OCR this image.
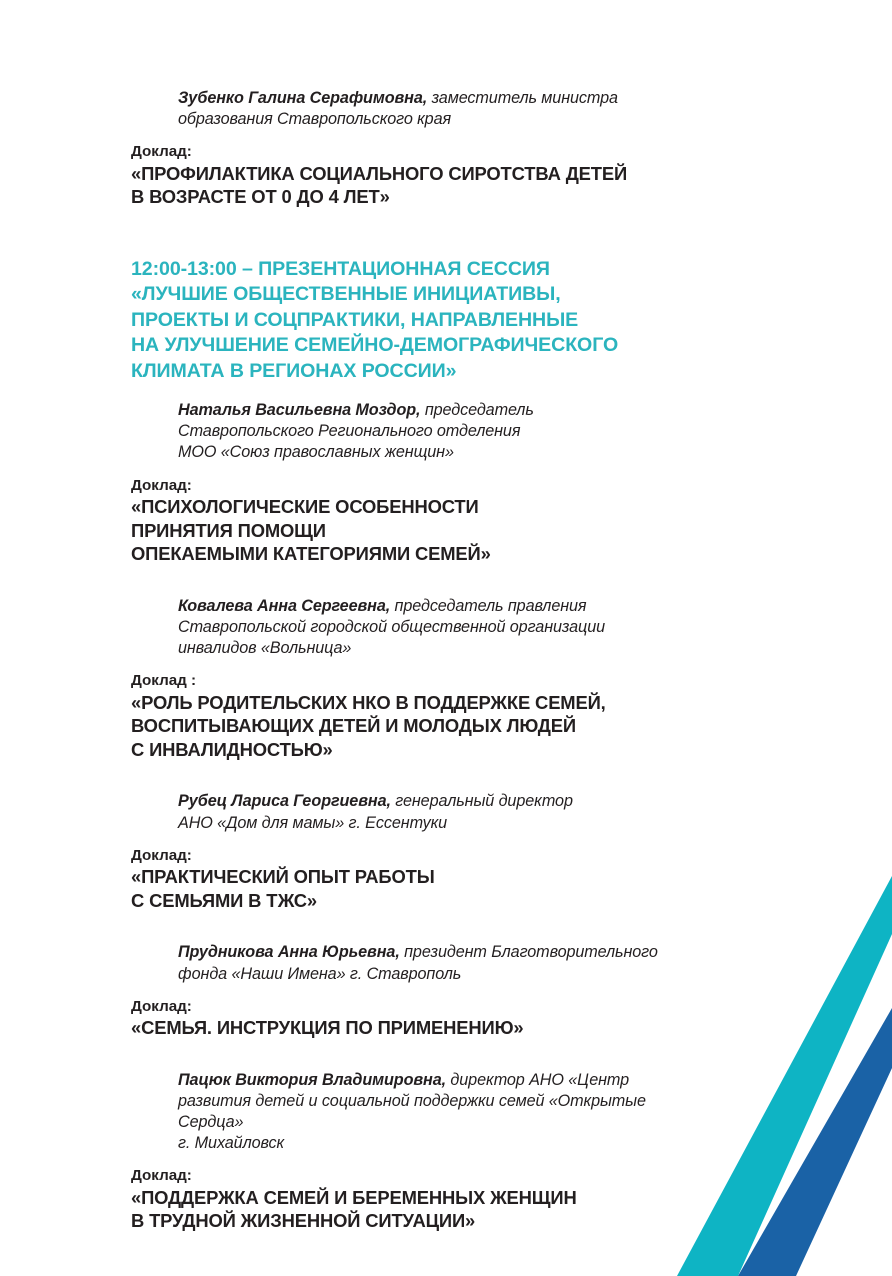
Зубенко Галина Серафимовна, заместитель министра
образования Ставропольского края

Доклад:

«ПРОФИЛАКТИКА СОЦИАЛЬНОГО СИРОТСТВА ДЕТЕЙ
В ВОЗРАСТЕ ОТ 0 ДО 4 ЛЕТ»

12:00-13:00 – ПРЕЗЕНТАЦИОННАЯ СЕССИЯ
«ЛУЧШИЕ ОБЩЕСТВЕННЫЕ ИНИЦИАТИВЫ,
ПРОЕКТЫ И СОЦПРАКТИКИ, НАПРАВЛЕННЫЕ
НА УЛУЧШЕНИЕ СЕМЕЙНО-ДЕМОГРАФИЧЕСКОГО
КЛИМАТА В РЕГИОНАХ РОССИИ»

Наталья Васильевна Моздор, председатель
Ставропольского Регионального отделения
МОО «Союз православных женщин»

Доклад:

«ПСИХОЛОГИЧЕСКИЕ ОСОБЕННОСТИ
ПРИНЯТИЯ ПОМОЩИ
ОПЕКАЕМЫМИ КАТЕГОРИЯМИ СЕМЕЙ»

Ковалева Анна Сергеевна, председатель правления
Ставропольской городской общественной организации
инвалидов «Вольница»

Доклад :

«РОЛЬ РОДИТЕЛЬСКИХ НКО В ПОДДЕРЖКЕ СЕМЕЙ,
ВОСПИТЫВАЮЩИХ ДЕТЕЙ И МОЛОДЫХ ЛЮДЕЙ
С ИНВАЛИДНОСТЬЮ»

Рубец Лариса Георгиевна, генеральный директор
АНО «Дом для мамы» г. Ессентуки

Доклад:

«ПРАКТИЧЕСКИЙ ОПЫТ РАБОТЫ
С СЕМЬЯМИ В ТЖС»

Прудникова Анна Юрьевна, президент Благотворительного
фонда «Наши Имена» г. Ставрополь

Доклад:

«СЕМЬЯ. ИНСТРУКЦИЯ ПО ПРИМЕНЕНИЮ»

Пацюк Виктория Владимировна, директор АНО «Центр
развития детей и социальной поддержки семей «Открытые
Сердца»
г. Михайловск

Доклад:

«ПОДДЕРЖКА СЕМЕЙ И БЕРЕМЕННЫХ ЖЕНЩИН
В ТРУДНОЙ ЖИЗНЕННОЙ СИТУАЦИИ»
